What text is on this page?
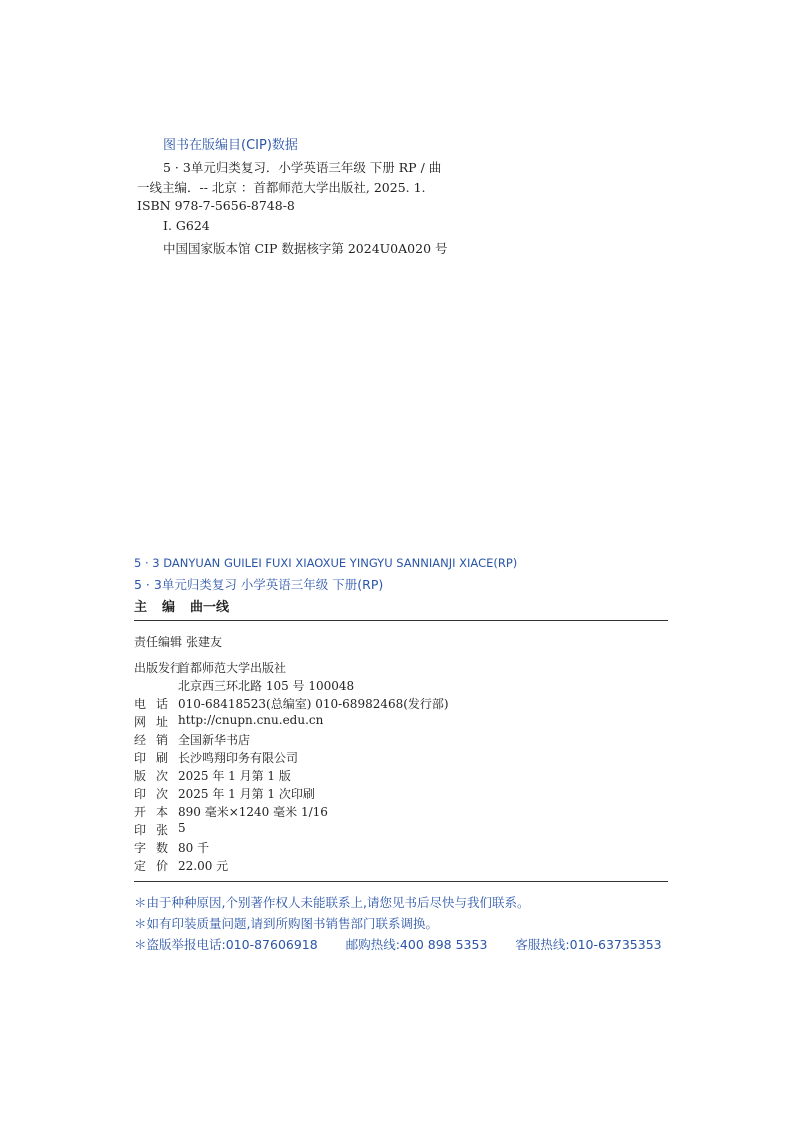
图书在版编目(CIP)数据
5 · 3单元归类复习．小学英语三年级 下册 RP / 曲
一线主编．-- 北京 ：首都师范大学出版社, 2025. 1.
ISBN 978-7-5656-8748-8
Ⅰ. G624
中国国家版本馆 CIP 数据核字第 2024U0A020 号
5 · 3 DANYUAN GUILEI FUXI XIAOXUE YINGYU SANNIANJI XIACE(RP)
5 · 3单元归类复习 小学英语三年级 下册(RP)
主 编 曲一线
责任编辑 张建友
出版发行
首都师范大学出版社
北京西三环北路 105 号 100048
电 话 010-68418523(总编室) 010-68982468(发行部)
网 址 http://cnupn.cnu.edu.cn
经 销 全国新华书店
印 刷 长沙鸣翔印务有限公司
版 次 2025 年 1 月第 1 版
印 次 2025 年 1 月第 1 次印刷
开 本 890 毫米×1240 毫米 1/16
印 张 5
字 数 80 千
定 价 22.00 元
＊由于种种原因,个别著作权人未能联系上,请您见书后尽快与我们联系。
＊如有印装质量问题,请到所购图书销售部门联系调换。
＊盗版举报电话:010-87606918 邮购热线:400 898 5353 客服热线:010-63735353
